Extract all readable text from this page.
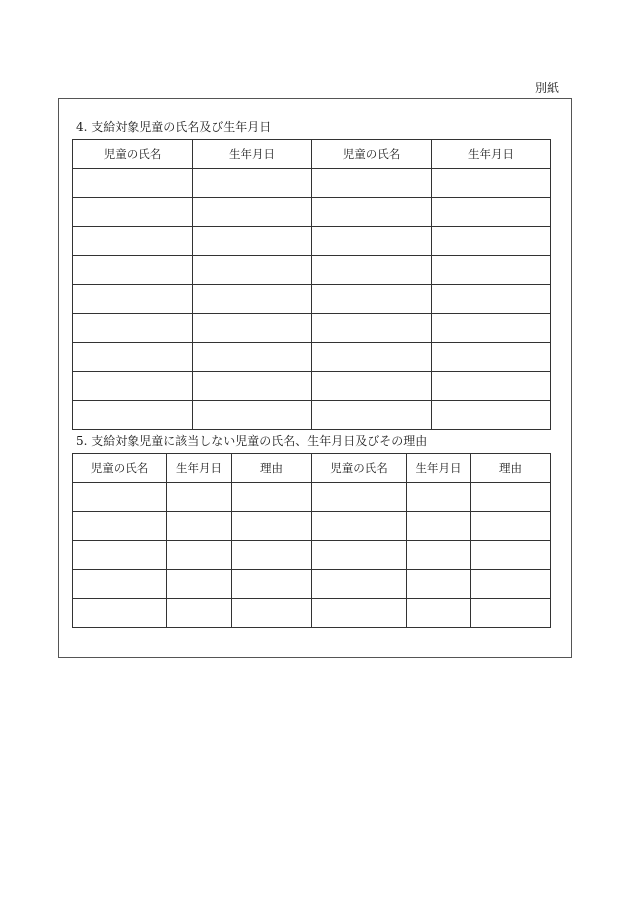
別紙
4. 支給対象児童の氏名及び生年月日
児童の氏名	生年月日	児童の氏名	生年月日

5. 支給対象児童に該当しない児童の氏名、生年月日及びその理由
児童の氏名	生年月日	理由	児童の氏名	生年月日	理由
